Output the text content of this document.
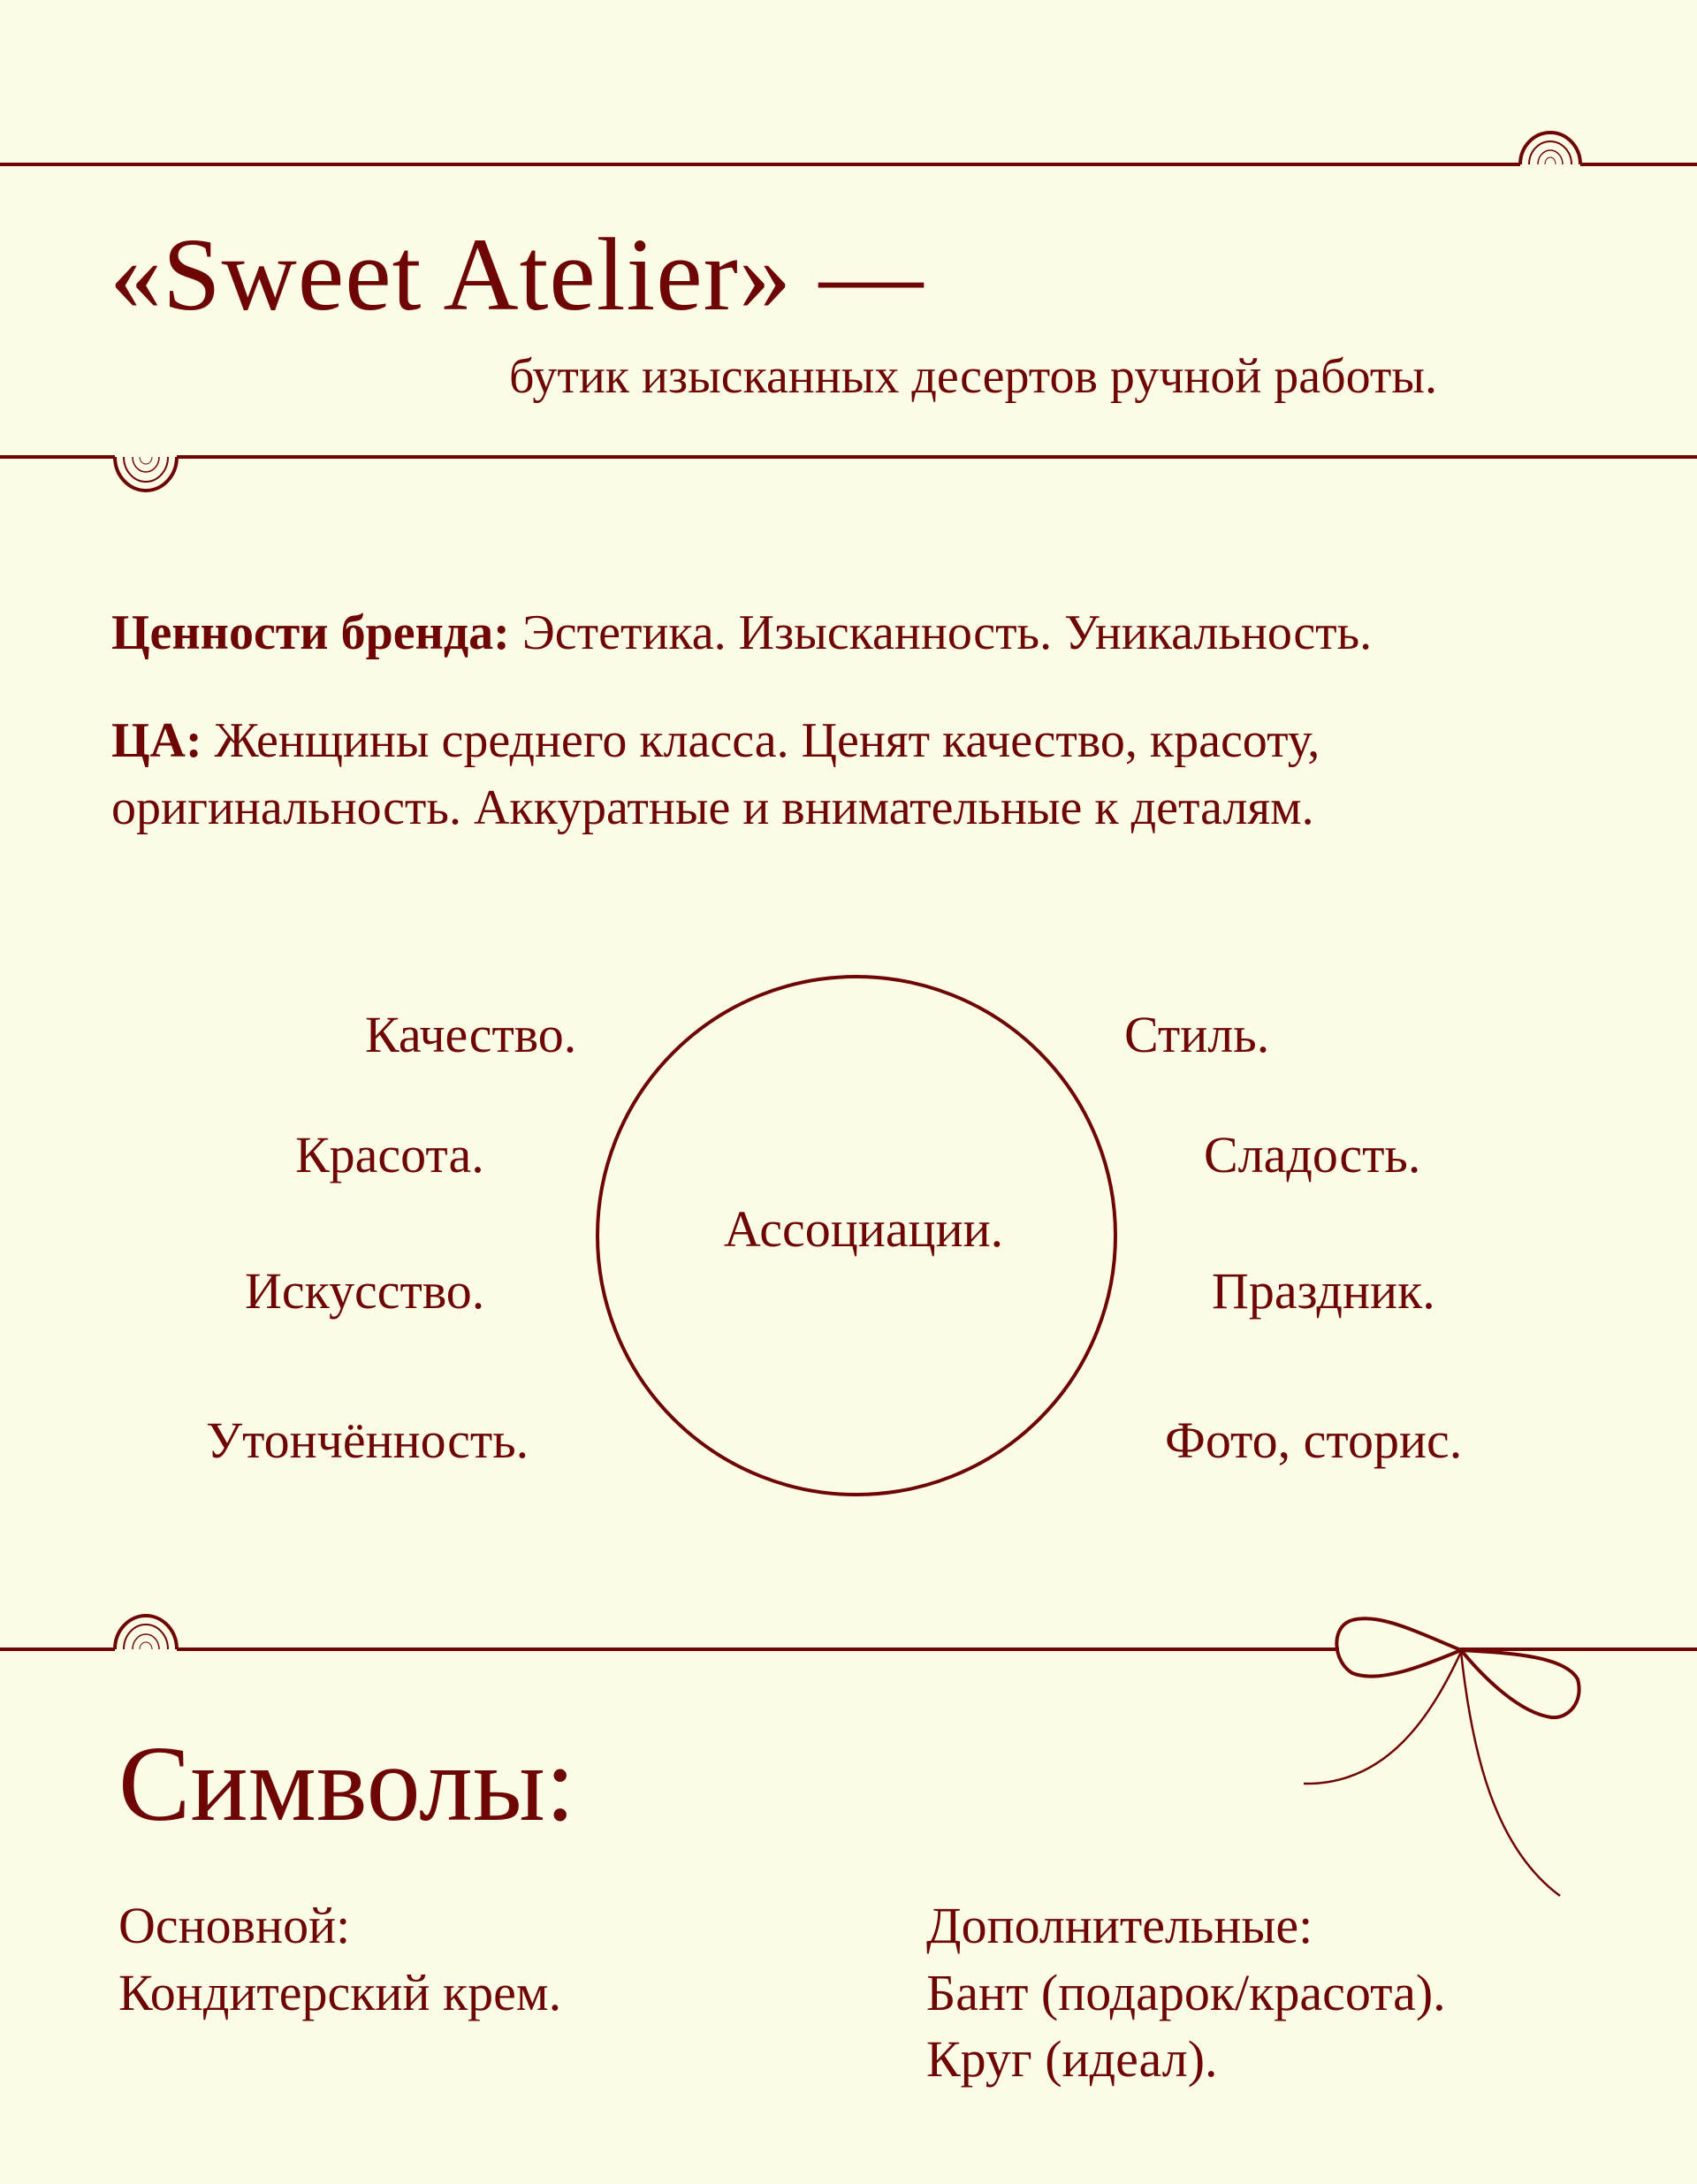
«Sweet Atelier» —
бутик изысканных десертов ручной работы.
Ценности бренда: Эстетика. Изысканность. Уникальность.
ЦА: Женщины среднего класса. Ценят качество, красоту,
оригинальность. Аккуратные и внимательные к деталям.
Ассоциации.
Качество.
Красота.
Искусство.
Утончённость.
Стиль.
Сладость.
Праздник.
Фото, сторис.
Символы:
Основной:
Кондитерский крем.
Дополнительные:
Бант (подарок/красота).
Круг (идеал).
